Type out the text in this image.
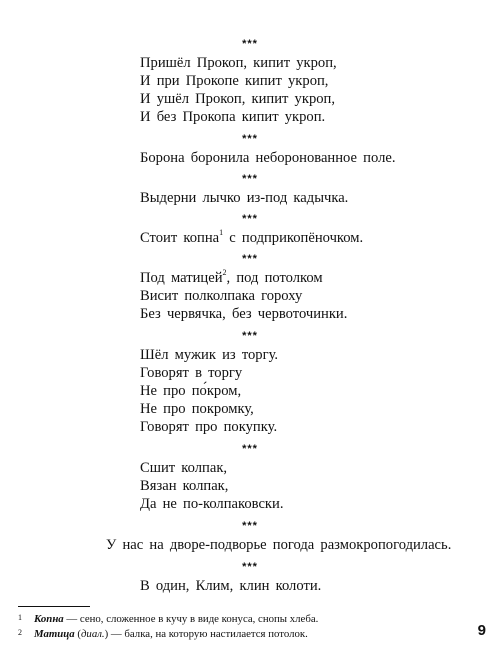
***
Пришёл Прокоп, кипит укроп,
И при Прокопе кипит укроп,
И ушёл Прокоп, кипит укроп,
И без Прокопа кипит укроп.
***
Борона боронила неборонованное поле.
***
Выдерни лычко из-под кадычка.
***
Стоит копна$^1$ с подприкопёночком.
***
Под матицей$^2$, под потолком
Висит полколпака гороху
Без червячка, без червоточинки.
***
Шёл мужик из торгу.
Говорят в торгу
Не про по́кром,
Не про покромку,
Говорят про покупку.
***
Сшит колпак,
Вязан колпак,
Да не по-колпаковски.
***
У нас на дворе-подворье погода размокропогодилась.
***
В один, Клим, клин колоти.
1 Копна — сено, сложенное в кучу в виде конуса, снопы хлеба.
2 Матица (диал.) — балка, на которую настилается потолок.	9
